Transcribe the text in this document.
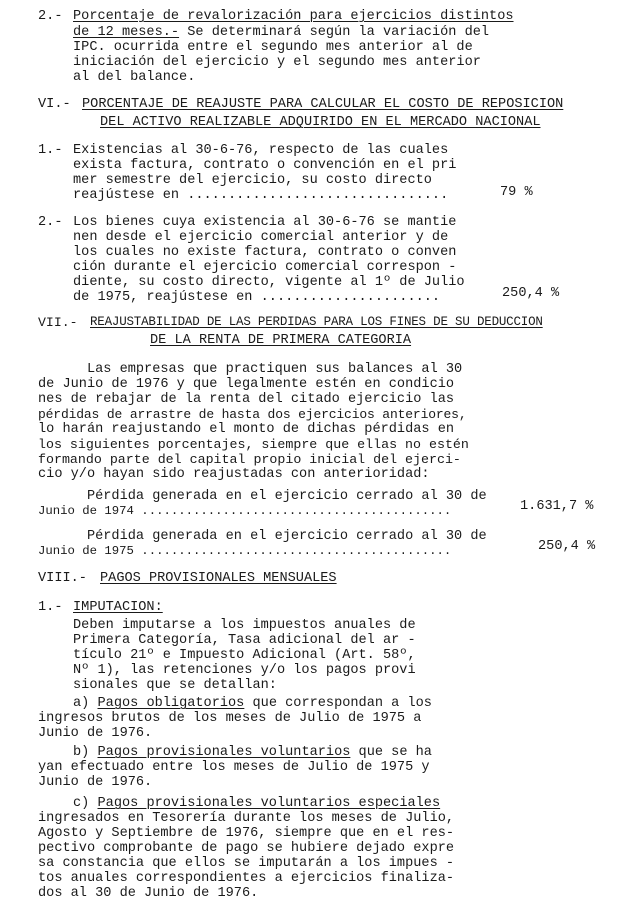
2.- Porcentaje de revalorización para ejercicios distintos
de 12 meses.- Se determinará según la variación del
IPC. ocurrida entre el segundo mes anterior al de
iniciación del ejercicio y el segundo mes anterior
al del balance.
VI.- PORCENTAJE DE REAJUSTE PARA CALCULAR EL COSTO DE REPOSICION
DEL ACTIVO REALIZABLE ADQUIRIDO EN EL MERCADO NACIONAL
1.- Existencias al 30-6-76, respecto de las cuales
exista factura, contrato o convención en el pri
mer semestre del ejercicio, su costo directo
reajústese en ................................	79 %
2.- Los bienes cuya existencia al 30-6-76 se mantie
nen desde el ejercicio comercial anterior y de
los cuales no existe factura, contrato o conven
ción durante el ejercicio comercial correspon -
diente, su costo directo, vigente al 1º de Julio
de 1975, reajústese en ......................	250,4 %
VII.- REAJUSTABILIDAD DE LAS PERDIDAS PARA LOS FINES DE SU DEDUCCION
DE LA RENTA DE PRIMERA CATEGORIA
Las empresas que practiquen sus balances al 30
de Junio de 1976 y que legalmente estén en condicio
nes de rebajar de la renta del citado ejercicio las
pérdidas de arrastre de hasta dos ejercicios anteriores,
lo harán reajustando el monto de dichas pérdidas en
los siguientes porcentajes, siempre que ellas no estén
formando parte del capital propio inicial del ejerci-
cio y/o hayan sido reajustadas con anterioridad:
Pérdida generada en el ejercicio cerrado al 30 de
Junio de 1974 ..........................................	1.631,7 %
Pérdida generada en el ejercicio cerrado al 30 de
Junio de 1975 ..........................................	250,4 %
VIII.- PAGOS PROVISIONALES MENSUALES
1.- IMPUTACION:
Deben imputarse a los impuestos anuales de
Primera Categoría, Tasa adicional del ar -
tículo 21º e Impuesto Adicional (Art. 58º,
Nº 1), las retenciones y/o los pagos provi
sionales que se detallan:
a) Pagos obligatorios que correspondan a los
ingresos brutos de los meses de Julio de 1975 a
Junio de 1976.
b) Pagos provisionales voluntarios que se ha
yan efectuado entre los meses de Julio de 1975 y
Junio de 1976.
c) Pagos provisionales voluntarios especiales
ingresados en Tesorería durante los meses de Julio,
Agosto y Septiembre de 1976, siempre que en el res-
pectivo comprobante de pago se hubiere dejado expre
sa constancia que ellos se imputarán a los impues -
tos anuales correspondientes a ejercicios finaliza-
dos al 30 de Junio de 1976.
